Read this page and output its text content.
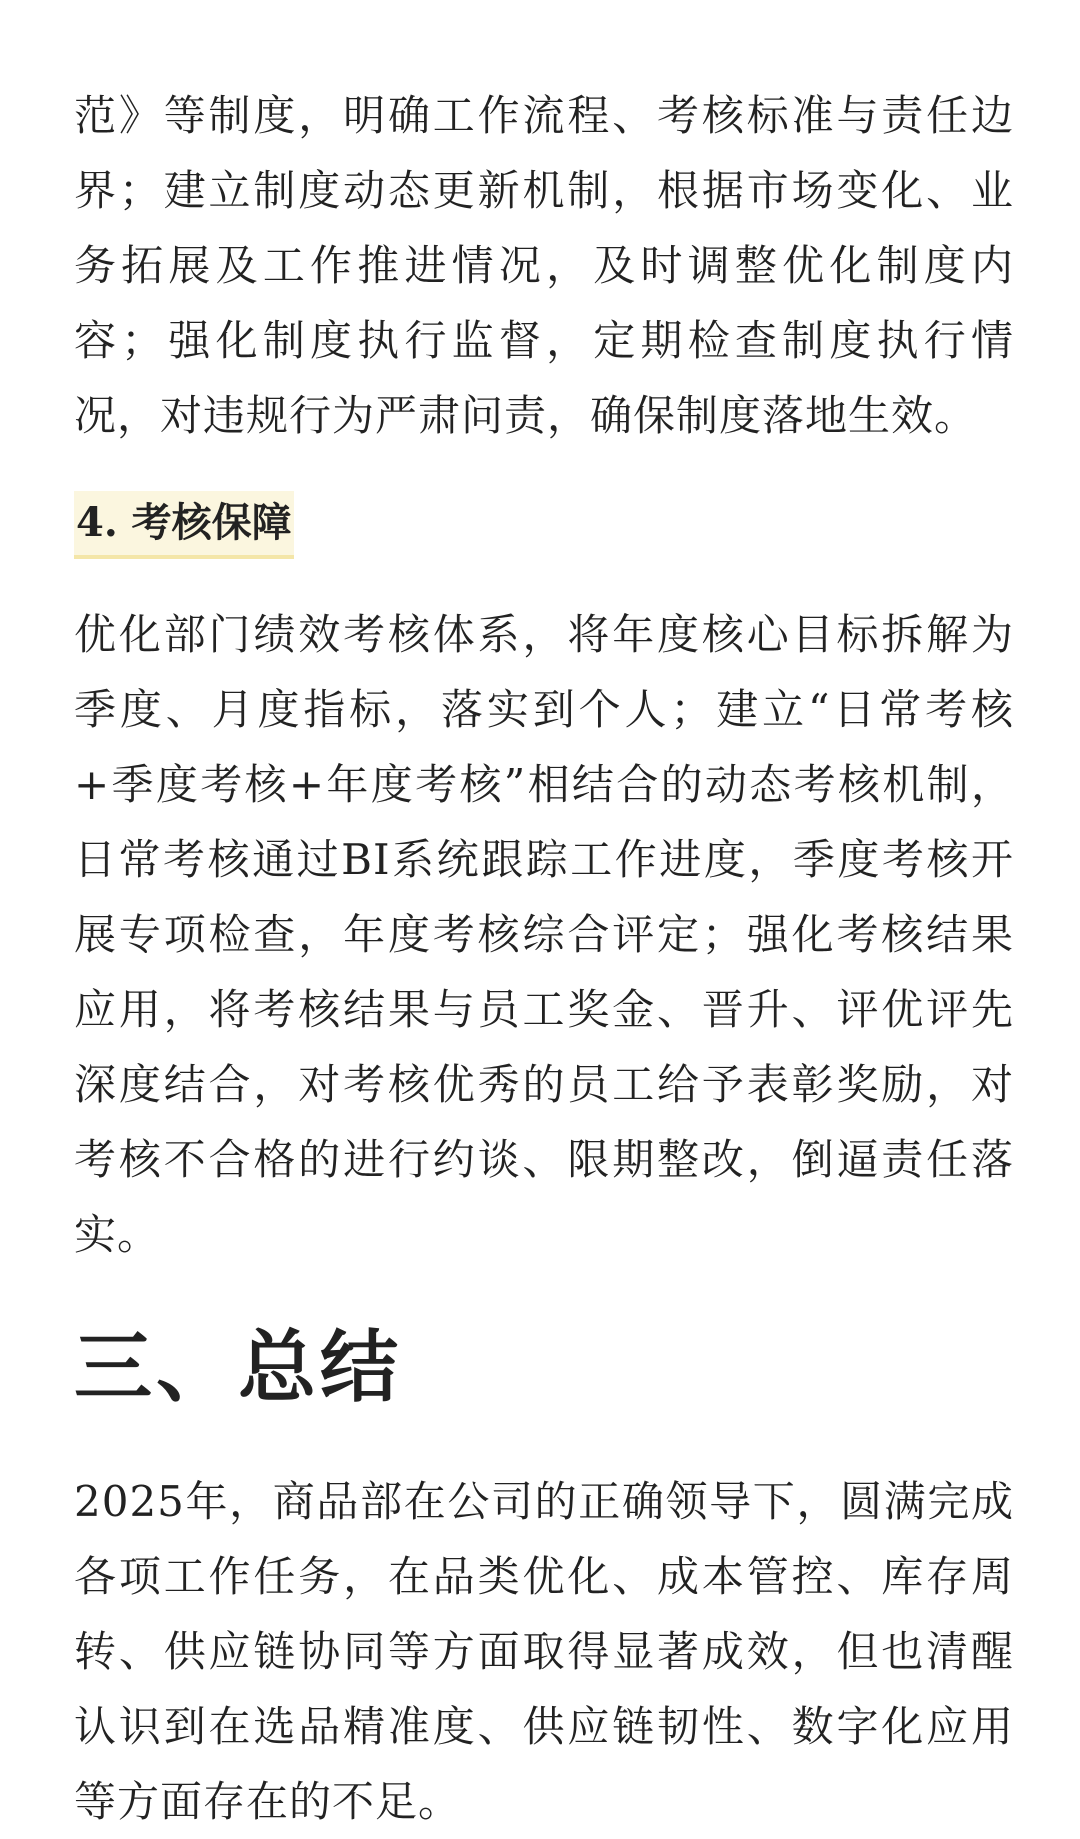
范》等制度，明确工作流程、考核标准与责任边界；建立制度动态更新机制，根据市场变化、业务拓展及工作推进情况，及时调整优化制度内容；强化制度执行监督，定期检查制度执行情况，对违规行为严肃问责，确保制度落地生效。

4. 考核保障

优化部门绩效考核体系，将年度核心目标拆解为季度、月度指标，落实到个人；建立“日常考核+季度考核+年度考核”相结合的动态考核机制，日常考核通过BI系统跟踪工作进度，季度考核开展专项检查，年度考核综合评定；强化考核结果应用，将考核结果与员工奖金、晋升、评优评先深度结合，对考核优秀的员工给予表彰奖励，对考核不合格的进行约谈、限期整改，倒逼责任落实。

三、总结

2025年，商品部在公司的正确领导下，圆满完成各项工作任务，在品类优化、成本管控、库存周转、供应链协同等方面取得显著成效，但也清醒认识到在选品精准度、供应链韧性、数字化应用等方面存在的不足。
